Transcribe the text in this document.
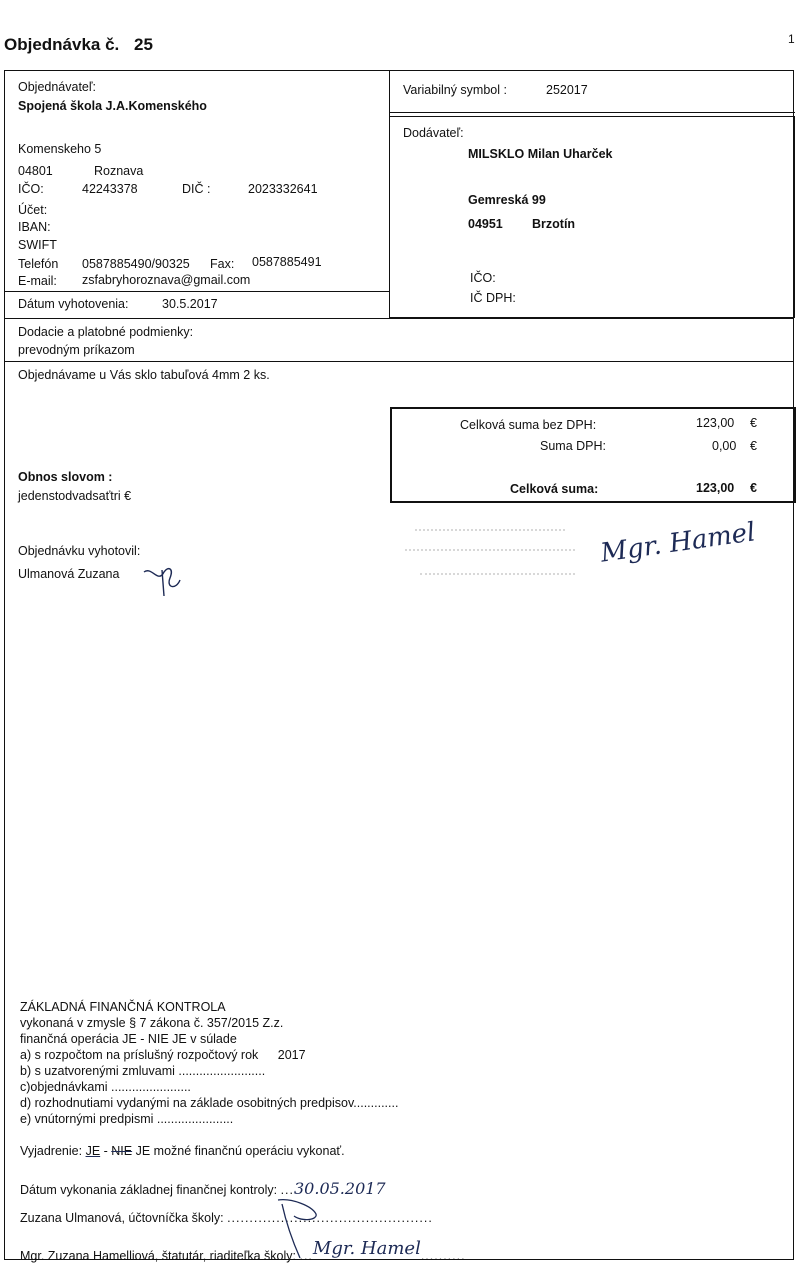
Objednávka č. 25	1
Objednávateľ:
Spojená škola J.A.Komenského
Komenskeho 5
04801	Roznava
IČO:	42243378	DIČ :	2023332641
Účet:
IBAN:
SWIFT
Telefón 0587885490/90325 Fax: 0587885491
E-mail: zsfabryhoroznava@gmail.com
Dátum vyhotovenia:	30.5.2017
Variabilný symbol :	252017
Dodávateľ:
MILSKLO Milan Uharček
Gemreská 99
04951 Brzotín
IČO:
IČ DPH:
Dodacie a platobné podmienky:
prevodným príkazom
Objednávame u Vás sklo tabuľová 4mm 2 ks.
Celková suma bez DPH:	123,00 €
Suma DPH:	0,00 €
Celková suma:	123,00 €
Obnos slovom :
jedenstodvadsaťtri €
Objednávku vyhotovil:
Ulmanová Zuzana
Mgr. Hamel
ZÁKLADNÁ FINANČNÁ KONTROLA
vykonaná v zmysle § 7 zákona č. 357/2015 Z.z.
finančná operácia JE - NIE JE v súlade
a) s rozpočtom na príslušný rozpočtový rok 2017
b) s uzatvorenými zmluvami .........................
c)objednávkami .......................
d) rozhodnutiami vydanými na základe osobitných predpisov.............
e) vnútornými predpismi ......................
Vyjadrenie: JE - NIE JE možné finančnú operáciu vykonať.
Dátum vykonania základnej finančnej kontroly: ...30.05.2017
Zuzana Ulmanová, účtovníčka školy: ..............................................
Mgr. Zuzana Hamelliová, štatutár, riaditeľka školy: ...Mgr. Hamel..........
